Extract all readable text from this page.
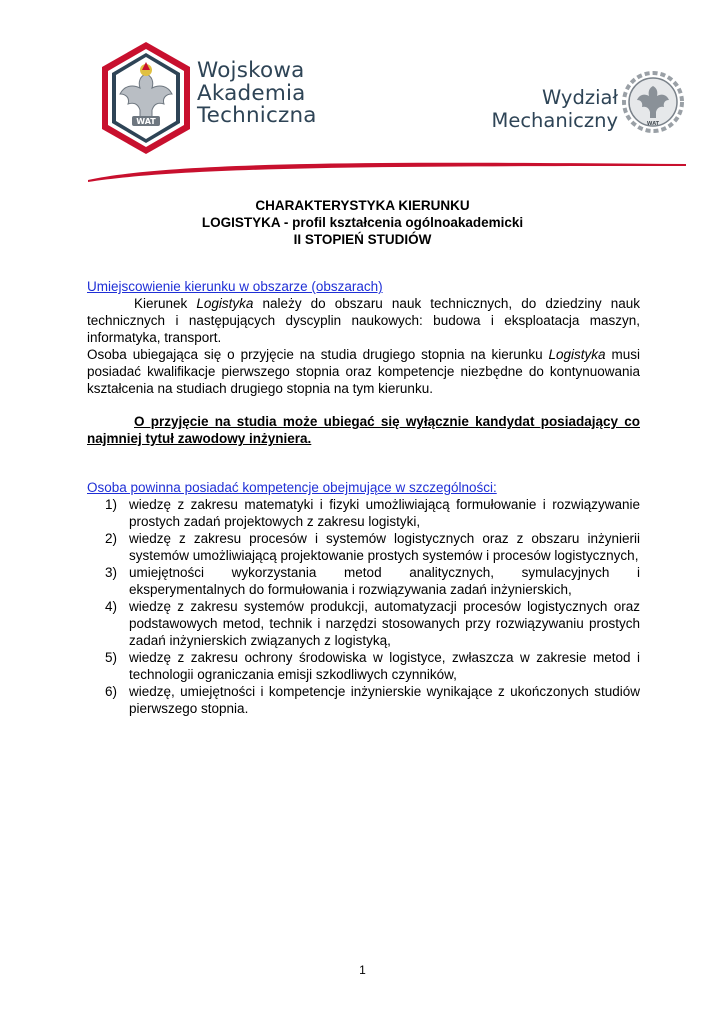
WAT
Wojskowa
Akademia
Techniczna
Wydział
Mechaniczny	WAT
CHARAKTERYSTYKA KIERUNKU
LOGISTYKA - profil kształcenia ogólnoakademicki
II STOPIEŃ STUDIÓW
Umiejscowienie kierunku w obszarze (obszarach)
Kierunek Logistyka należy do obszaru nauk technicznych, do dziedziny nauk technicznych i następujących dyscyplin naukowych: budowa i eksploatacja maszyn, informatyka, transport.
Osoba ubiegająca się o przyjęcie na studia drugiego stopnia na kierunku Logistyka musi posiadać kwalifikacje pierwszego stopnia oraz kompetencje niezbędne do kontynuowania kształcenia na studiach drugiego stopnia na tym kierunku.
O przyjęcie na studia może ubiegać się wyłącznie kandydat posiadający co najmniej tytuł zawodowy inżyniera.
Osoba powinna posiadać kompetencje obejmujące w szczególności:
1) wiedzę z zakresu matematyki i fizyki umożliwiającą formułowanie i rozwiązywanie prostych zadań projektowych z zakresu logistyki,
2) wiedzę z zakresu procesów i systemów logistycznych oraz z obszaru inżynierii systemów umożliwiającą projektowanie prostych systemów i procesów logistycznych,
3) umiejętności wykorzystania metod analitycznych, symulacyjnych i eksperymentalnych do formułowania i rozwiązywania zadań inżynierskich,
4) wiedzę z zakresu systemów produkcji, automatyzacji procesów logistycznych oraz podstawowych metod, technik i narzędzi stosowanych przy rozwiązywaniu prostych zadań inżynierskich związanych z logistyką,
5) wiedzę z zakresu ochrony środowiska w logistyce, zwłaszcza w zakresie metod i technologii ograniczania emisji szkodliwych czynników,
6) wiedzę, umiejętności i kompetencje inżynierskie wynikające z ukończonych studiów pierwszego stopnia.
1
